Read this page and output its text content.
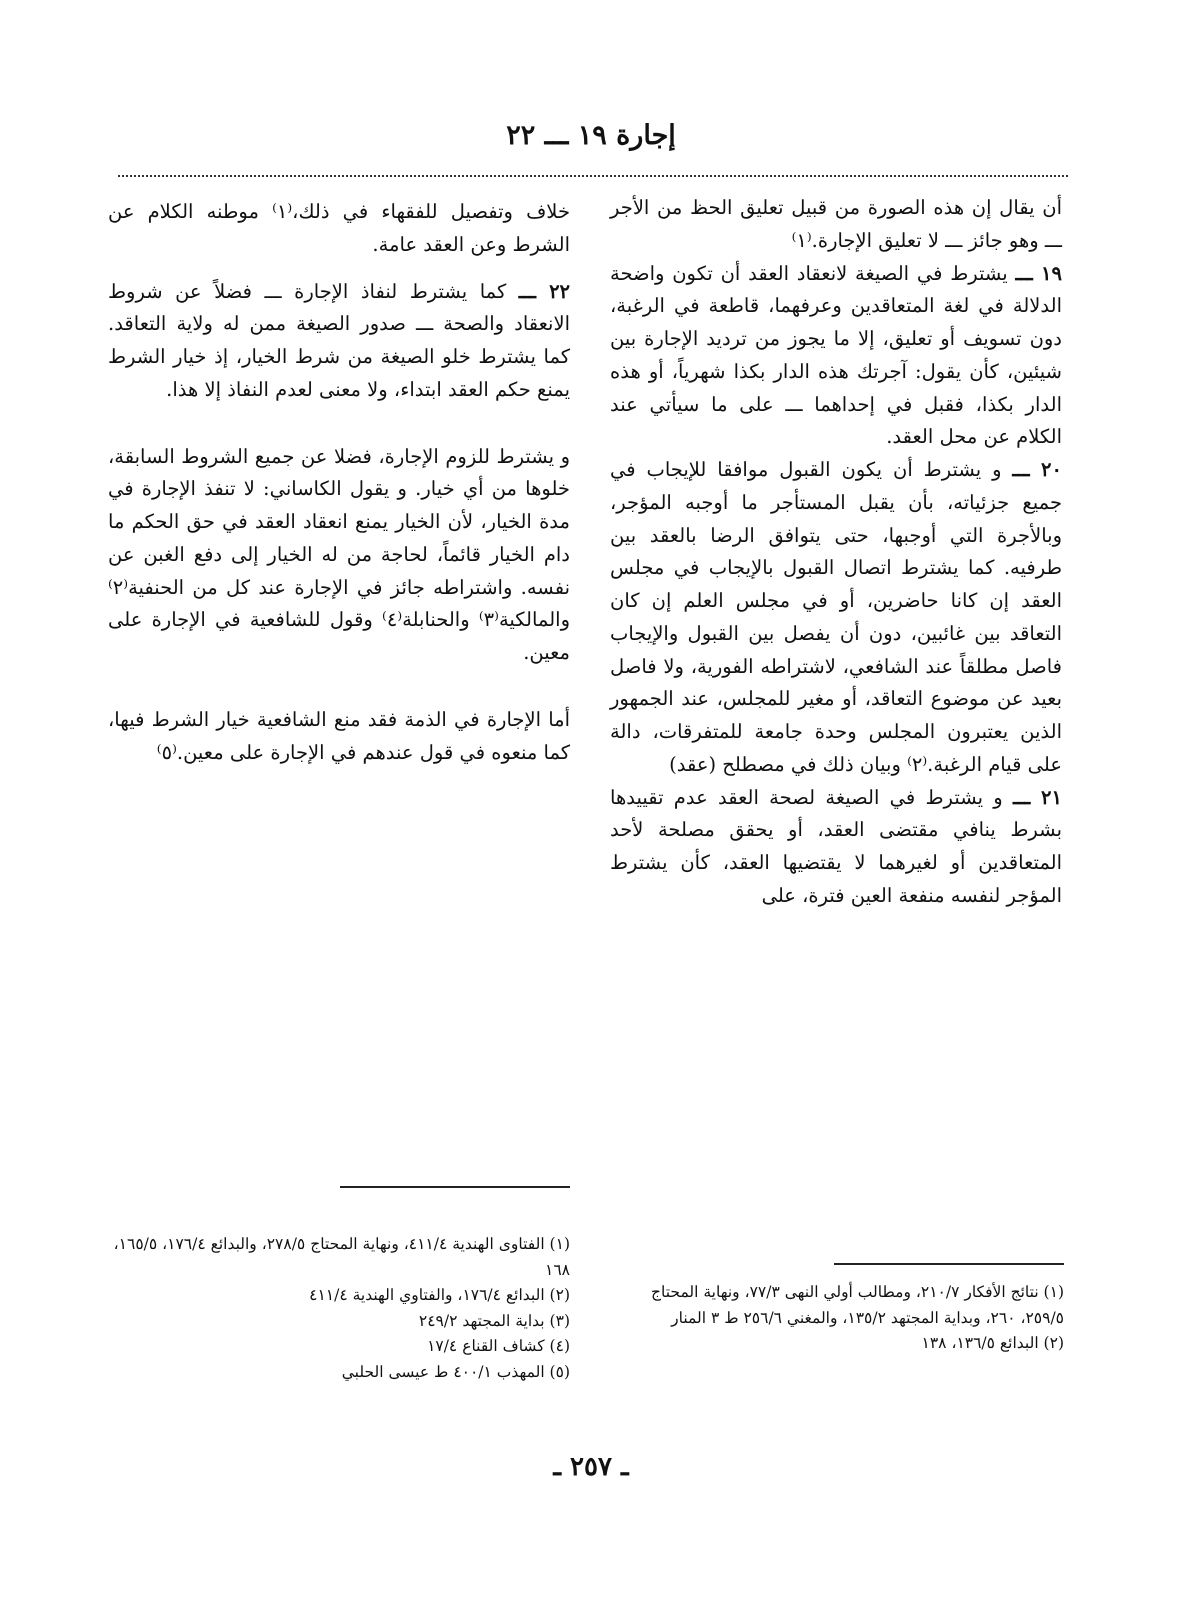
إجارة ١٩ ـــ ٢٢

أن يقال إن هذه الصورة من قبيل تعليق الحظ من الأجر ـــ وهو جائز ـــ لا تعليق الإجارة.⁽١⁾

١٩ ـــ يشترط في الصيغة لانعقاد العقد أن تكون واضحة الدلالة في لغة المتعاقدين وعرفهما، قاطعة في الرغبة، دون تسويف أو تعليق، إلا ما يجوز من ترديد الإجارة بين شيئين، كأن يقول: آجرتك هذه الدار بكذا شهرياً، أو هذه الدار بكذا، فقبل في إحداهما ـــ على ما سيأتي عند الكلام عن محل العقد.

٢٠ ـــ و يشترط أن يكون القبول موافقا للإيجاب في جميع جزئياته، بأن يقبل المستأجر ما أوجبه المؤجر، وبالأجرة التي أوجبها، حتى يتوافق الرضا بالعقد بين طرفيه. كما يشترط اتصال القبول بالإيجاب في مجلس العقد إن كانا حاضرين، أو في مجلس العلم إن كان التعاقد بين غائبين، دون أن يفصل بين القبول والإيجاب فاصل مطلقاً عند الشافعي، لاشتراطه الفورية، ولا فاصل بعيد عن موضوع التعاقد، أو مغير للمجلس، عند الجمهور الذين يعتبرون المجلس وحدة جامعة للمتفرقات، دالة على قيام الرغبة.⁽٢⁾ وبيان ذلك في مصطلح (عقد)

٢١ ـــ و يشترط في الصيغة لصحة العقد عدم تقييدها بشرط ينافي مقتضى العقد، أو يحقق مصلحة لأحد المتعاقدين أو لغيرهما لا يقتضيها العقد، كأن يشترط المؤجر لنفسه منفعة العين فترة، على

خلاف وتفصيل للفقهاء في ذلك،⁽١⁾ موطنه الكلام عن الشرط وعن العقد عامة.

٢٢ ـــ كما يشترط لنفاذ الإجارة ـــ فضلاً عن شروط الانعقاد والصحة ـــ صدور الصيغة ممن له ولاية التعاقد. كما يشترط خلو الصيغة من شرط الخيار، إذ خيار الشرط يمنع حكم العقد ابتداء، ولا معنى لعدم النفاذ إلا هذا.

و يشترط للزوم الإجارة، فضلا عن جميع الشروط السابقة، خلوها من أي خيار. و يقول الكاساني: لا تنفذ الإجارة في مدة الخيار، لأن الخيار يمنع انعقاد العقد في حق الحكم ما دام الخيار قائماً، لحاجة من له الخيار إلى دفع الغبن عن نفسه. واشتراطه جائز في الإجارة عند كل من الحنفية⁽٢⁾ والمالكية⁽٣⁾ والحنابلة⁽٤⁾ وقول للشافعية في الإجارة على معين.

أما الإجارة في الذمة فقد منع الشافعية خيار الشرط فيها، كما منعوه في قول عندهم في الإجارة على معين.⁽٥⁾

(١) الفتاوى الهندية ٤١١/٤، ونهاية المحتاج ٢٧٨/٥، والبدائع ١٧٦/٤، ١٦٥/٥، ١٦٨
(٢) البدائع ١٧٦/٤، والفتاوي الهندية ٤١١/٤
(٣) بداية المجتهد ٢٤٩/٢
(٤) كشاف القناع ١٧/٤
(٥) المهذب ٤٠٠/١ ط عيسى الحلبي
(١) نتائج الأفكار ٢١٠/٧، ومطالب أولي النهى ٧٧/٣، ونهاية المحتاج ٢٥٩/٥، ٢٦٠، وبداية المجتهد ١٣٥/٢، والمغني ٢٥٦/٦ ط ٣ المنار
(٢) البدائع ١٣٦/٥، ١٣٨
ـ ٢٥٧ ـ
